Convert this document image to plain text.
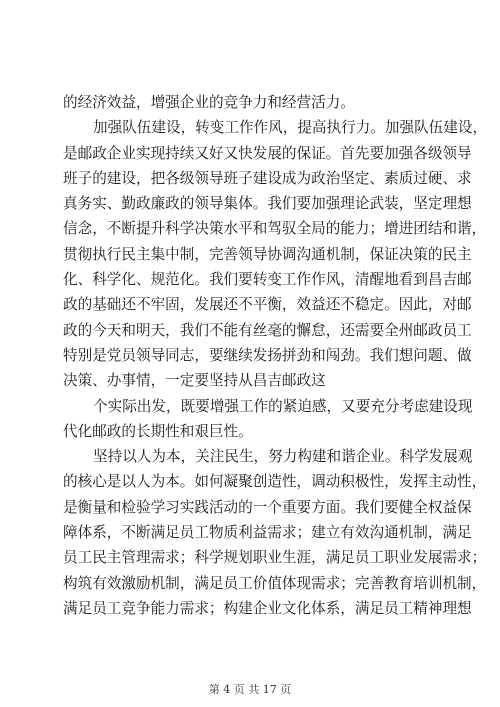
的经济效益，增强企业的竞争力和经营活力。
加强队伍建设，转变工作作风，提高执行力。加强队伍建设，
是邮政企业实现持续又好又快发展的保证。首先要加强各级领导
班子的建设，把各级领导班子建设成为政治坚定、素质过硬、求
真务实、勤政廉政的领导集体。我们要加强理论武装，坚定理想
信念，不断提升科学决策水平和驾驭全局的能力；增进团结和谐，
贯彻执行民主集中制，完善领导协调沟通机制，保证决策的民主
化、科学化、规范化。我们要转变工作作风，清醒地看到昌吉邮
政的基础还不牢固，发展还不平衡，效益还不稳定。因此，对邮
政的今天和明天，我们不能有丝毫的懈怠，还需要全州邮政员工
特别是党员领导同志，要继续发扬拼劲和闯劲。我们想问题、做
决策、办事情，一定要坚持从昌吉邮政这
个实际出发，既要增强工作的紧迫感，又要充分考虑建设现
代化邮政的长期性和艰巨性。
坚持以人为本，关注民生，努力构建和谐企业。科学发展观
的核心是以人为本。如何凝聚创造性，调动积极性，发挥主动性，
是衡量和检验学习实践活动的一个重要方面。我们要健全权益保
障体系，不断满足员工物质利益需求；建立有效沟通机制，满足
员工民主管理需求；科学规划职业生涯，满足员工职业发展需求；
构筑有效激励机制，满足员工价值体现需求；完善教育培训机制，
满足员工竞争能力需求；构建企业文化体系，满足员工精神理想
第 4 页 共 17 页
